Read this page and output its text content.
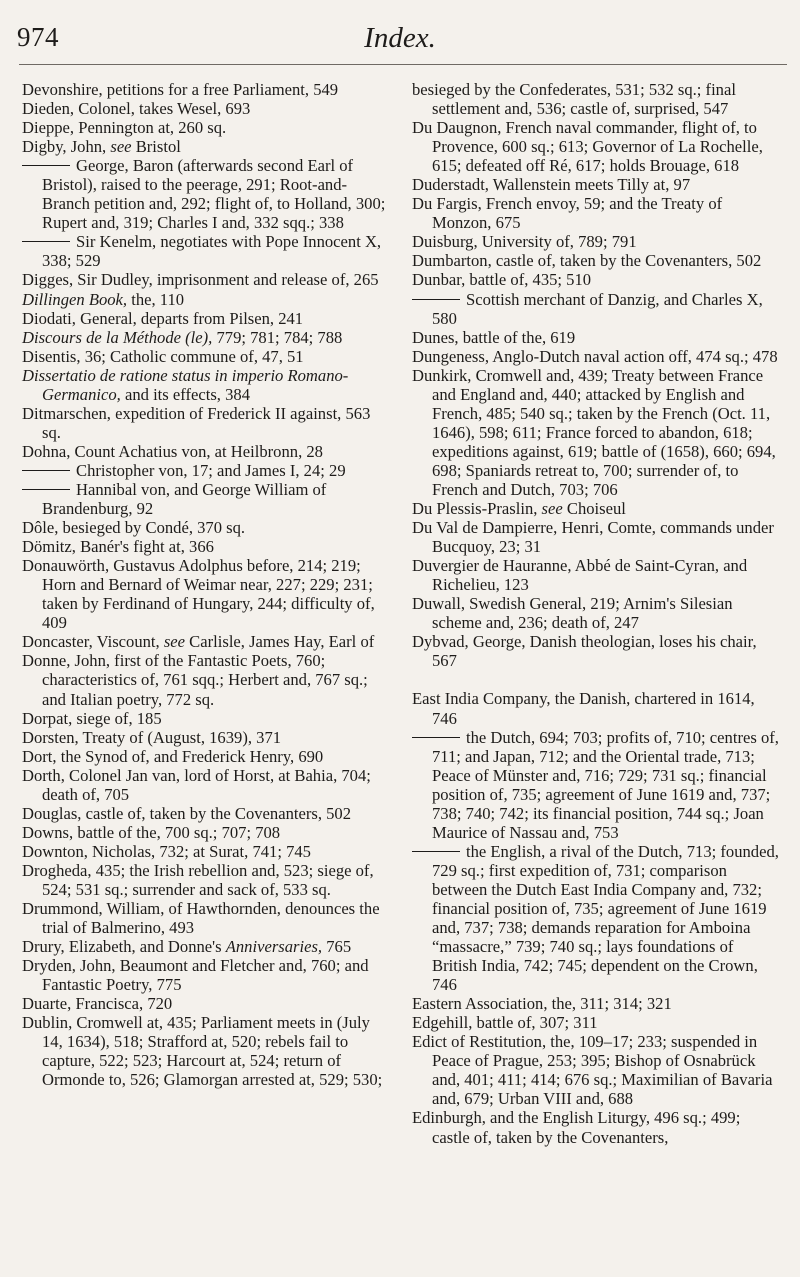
974	Index.

Devonshire, petitions for a free Parliament, 549

Dieden, Colonel, takes Wesel, 693

Dieppe, Pennington at, 260 sq.

Digby, John, see Bristol

George, Baron (afterwards second Earl of Bristol), raised to the peerage, 291; Root-and-Branch petition and, 292; flight of, to Holland, 300; Rupert and, 319; Charles I and, 332 sqq.; 338

Sir Kenelm, negotiates with Pope Innocent X, 338; 529

Digges, Sir Dudley, imprisonment and release of, 265

Dillingen Book, the, 110

Diodati, General, departs from Pilsen, 241

Discours de la Méthode (le), 779; 781; 784; 788

Disentis, 36; Catholic commune of, 47, 51

Dissertatio de ratione status in imperio Romano-Germanico, and its effects, 384

Ditmarschen, expedition of Frederick II against, 563 sq.

Dohna, Count Achatius von, at Heilbronn, 28

Christopher von, 17; and James I, 24; 29

Hannibal von, and George William of Brandenburg, 92

Dôle, besieged by Condé, 370 sq.

Dömitz, Banér's fight at, 366

Donauwörth, Gustavus Adolphus before, 214; 219; Horn and Bernard of Weimar near, 227; 229; 231; taken by Ferdinand of Hungary, 244; difficulty of, 409

Doncaster, Viscount, see Carlisle, James Hay, Earl of

Donne, John, first of the Fantastic Poets, 760; characteristics of, 761 sqq.; Herbert and, 767 sq.; and Italian poetry, 772 sq.

Dorpat, siege of, 185

Dorsten, Treaty of (August, 1639), 371

Dort, the Synod of, and Frederick Henry, 690

Dorth, Colonel Jan van, lord of Horst, at Bahia, 704; death of, 705

Douglas, castle of, taken by the Covenanters, 502

Downs, battle of the, 700 sq.; 707; 708

Downton, Nicholas, 732; at Surat, 741; 745

Drogheda, 435; the Irish rebellion and, 523; siege of, 524; 531 sq.; surrender and sack of, 533 sq.

Drummond, William, of Hawthornden, denounces the trial of Balmerino, 493

Drury, Elizabeth, and Donne's Anniversaries, 765

Dryden, John, Beaumont and Fletcher and, 760; and Fantastic Poetry, 775

Duarte, Francisca, 720

Dublin, Cromwell at, 435; Parliament meets in (July 14, 1634), 518; Strafford at, 520; rebels fail to capture, 522; 523; Harcourt at, 524; return of Ormonde to, 526; Glamorgan arrested at, 529; 530;

besieged by the Confederates, 531; 532 sq.; final settlement and, 536; castle of, surprised, 547

Du Daugnon, French naval commander, flight of, to Provence, 600 sq.; 613; Governor of La Rochelle, 615; defeated off Ré, 617; holds Brouage, 618

Duderstadt, Wallenstein meets Tilly at, 97

Du Fargis, French envoy, 59; and the Treaty of Monzon, 675

Duisburg, University of, 789; 791

Dumbarton, castle of, taken by the Covenanters, 502

Dunbar, battle of, 435; 510

Scottish merchant of Danzig, and Charles X, 580

Dunes, battle of the, 619

Dungeness, Anglo-Dutch naval action off, 474 sq.; 478

Dunkirk, Cromwell and, 439; Treaty between France and England and, 440; attacked by English and French, 485; 540 sq.; taken by the French (Oct. 11, 1646), 598; 611; France forced to abandon, 618; expeditions against, 619; battle of (1658), 660; 694, 698; Spaniards retreat to, 700; surrender of, to French and Dutch, 703; 706

Du Plessis-Praslin, see Choiseul

Du Val de Dampierre, Henri, Comte, commands under Bucquoy, 23; 31

Duvergier de Hauranne, Abbé de Saint-Cyran, and Richelieu, 123

Duwall, Swedish General, 219; Arnim's Silesian scheme and, 236; death of, 247

Dybvad, George, Danish theologian, loses his chair, 567

East India Company, the Danish, chartered in 1614, 746

the Dutch, 694; 703; profits of, 710; centres of, 711; and Japan, 712; and the Oriental trade, 713; Peace of Münster and, 716; 729; 731 sq.; financial position of, 735; agreement of June 1619 and, 737; 738; 740; 742; its financial position, 744 sq.; Joan Maurice of Nassau and, 753

the English, a rival of the Dutch, 713; founded, 729 sq.; first expedition of, 731; comparison between the Dutch East India Company and, 732; financial position of, 735; agreement of June 1619 and, 737; 738; demands reparation for Amboina “massacre,” 739; 740 sq.; lays foundations of British India, 742; 745; dependent on the Crown, 746

Eastern Association, the, 311; 314; 321

Edgehill, battle of, 307; 311

Edict of Restitution, the, 109–17; 233; suspended in Peace of Prague, 253; 395; Bishop of Osnabrück and, 401; 411; 414; 676 sq.; Maximilian of Bavaria and, 679; Urban VIII and, 688

Edinburgh, and the English Liturgy, 496 sq.; 499; castle of, taken by the Covenanters,
